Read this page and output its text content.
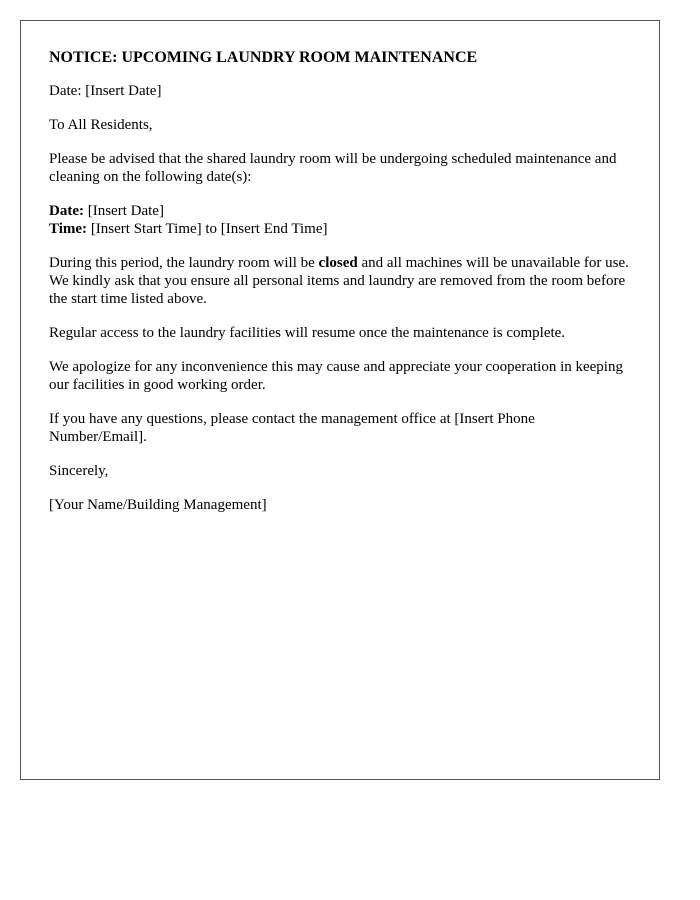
NOTICE: UPCOMING LAUNDRY ROOM MAINTENANCE

Date: [Insert Date]

To All Residents,

Please be advised that the shared laundry room will be undergoing scheduled maintenance and cleaning on the following date(s):

Date: [Insert Date]
Time: [Insert Start Time] to [Insert End Time]

During this period, the laundry room will be closed and all machines will be unavailable for use. We kindly ask that you ensure all personal items and laundry are removed from the room before the start time listed above.

Regular access to the laundry facilities will resume once the maintenance is complete.

We apologize for any inconvenience this may cause and appreciate your cooperation in keeping our facilities in good working order.

If you have any questions, please contact the management office at [Insert Phone Number/Email].

Sincerely,

[Your Name/Building Management]
